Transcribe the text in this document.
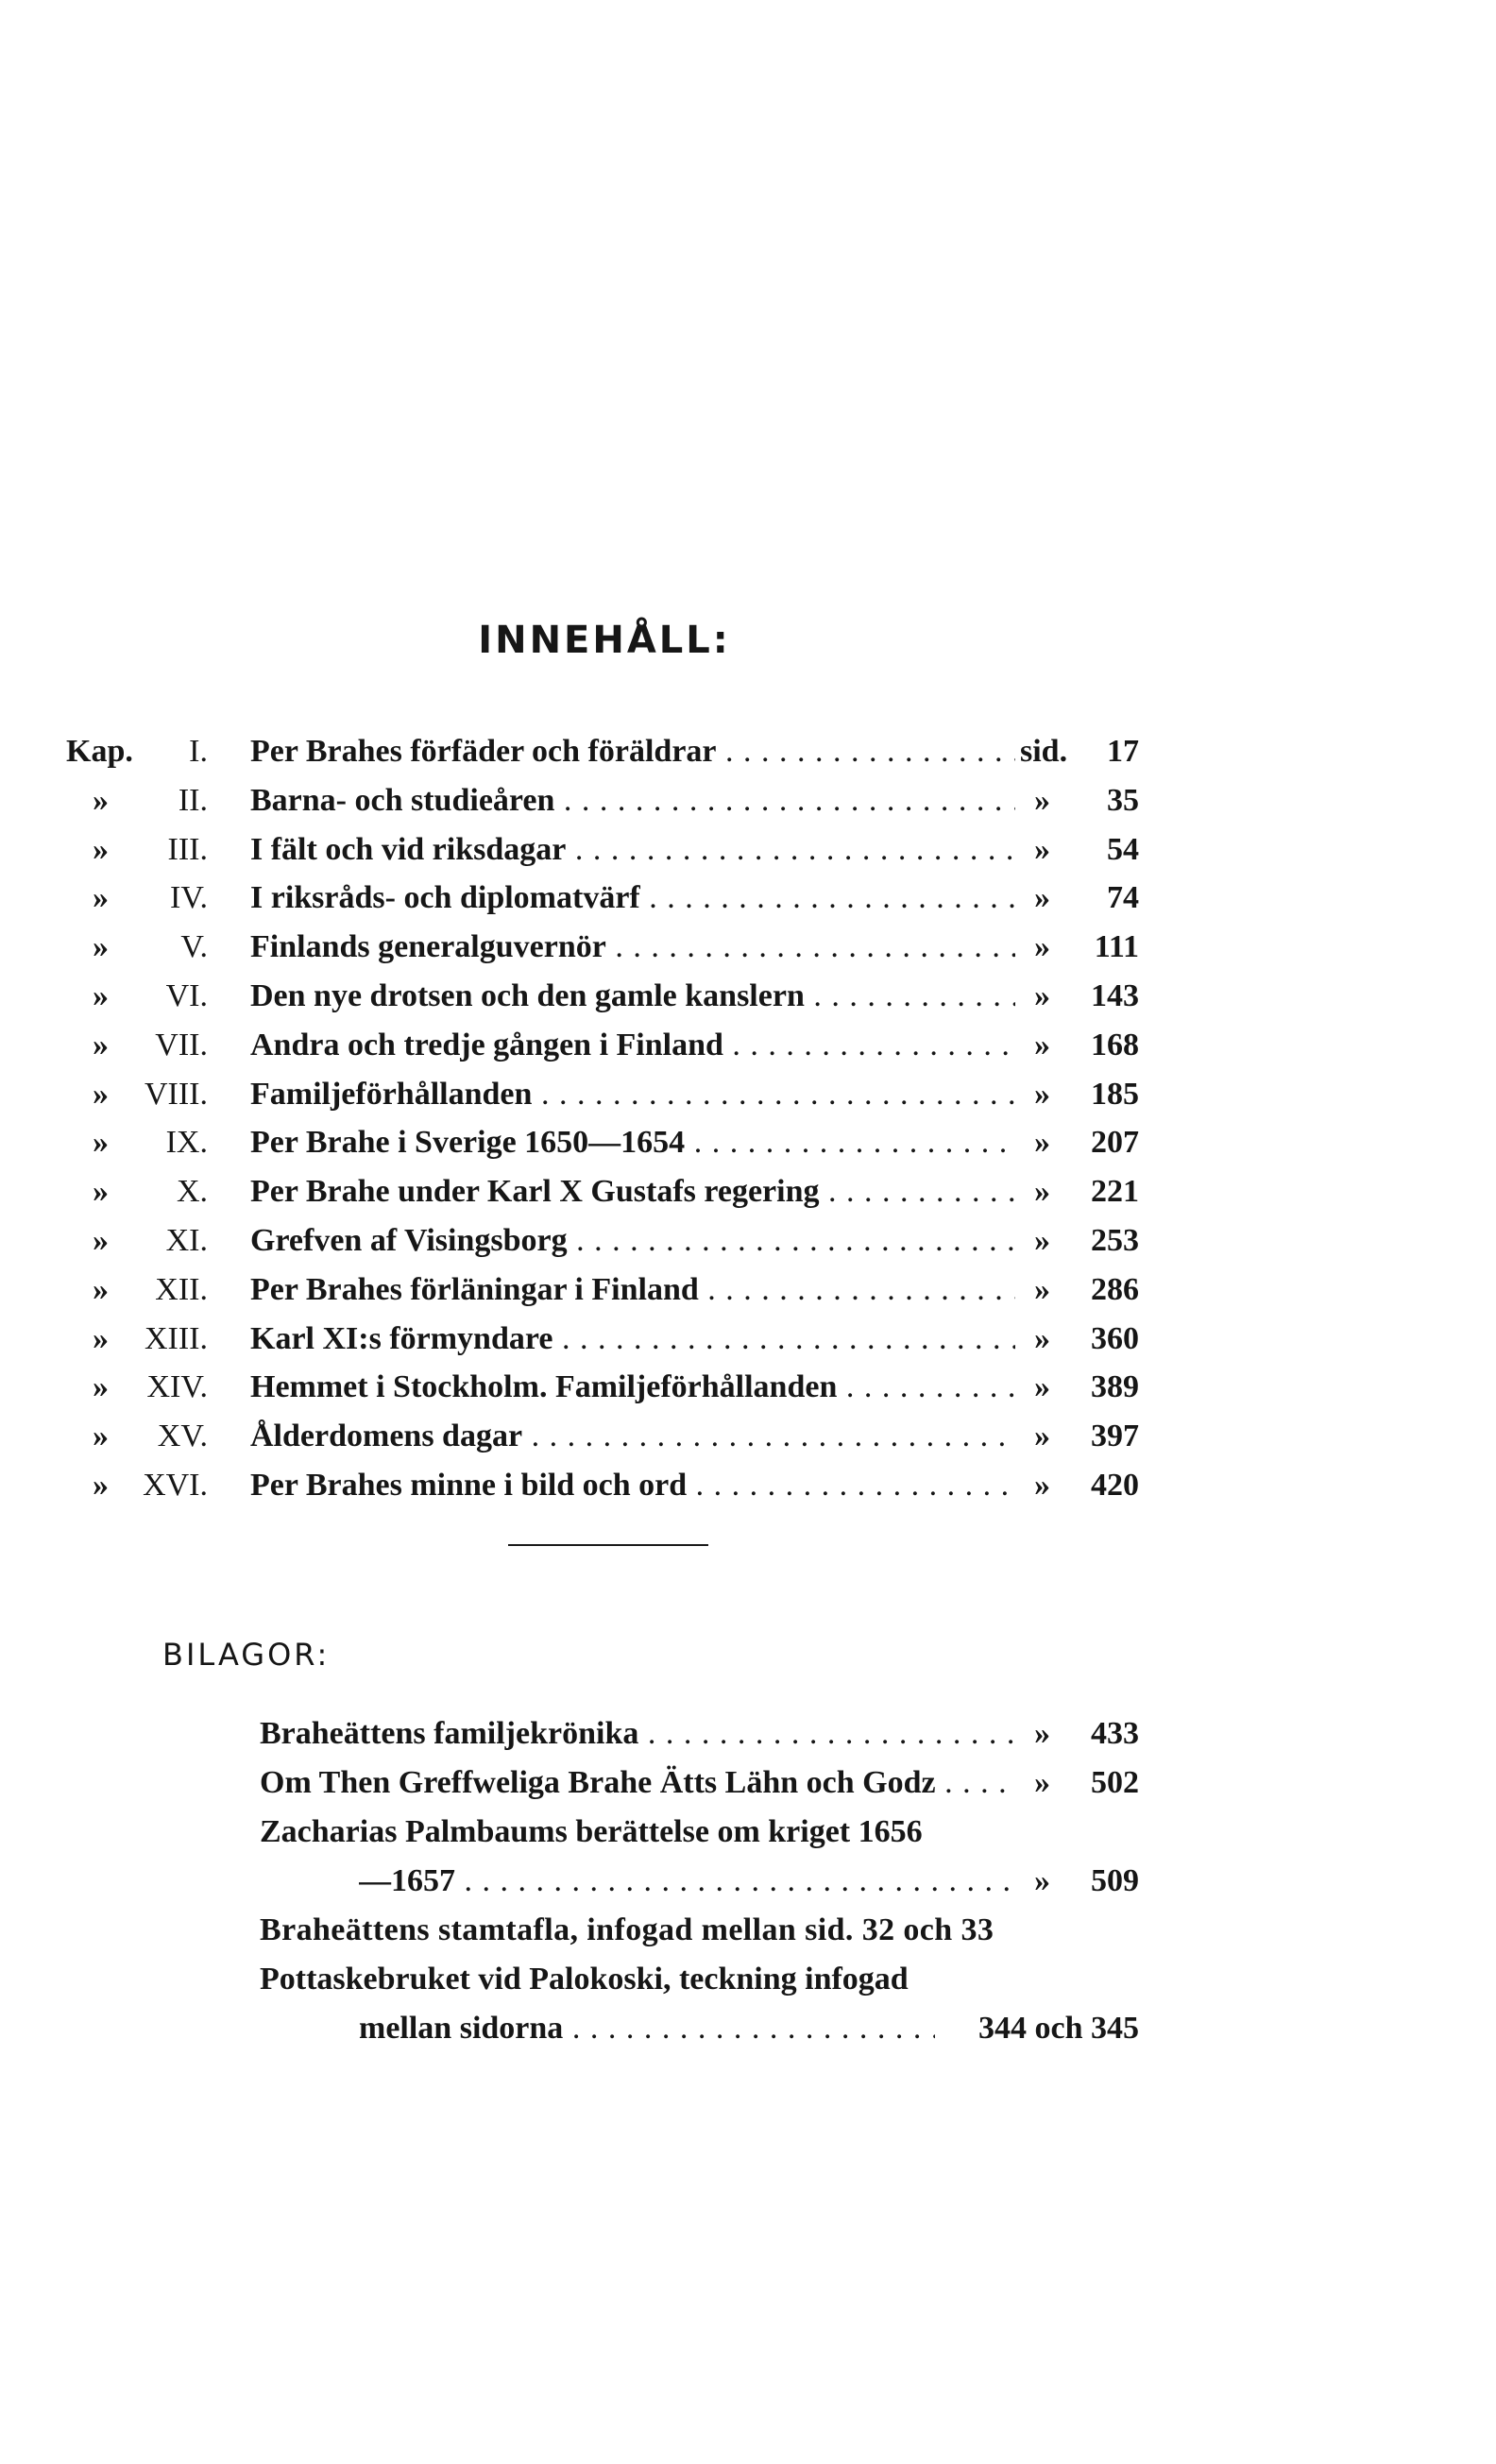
INNEHÅLL:
Kap.	I. Per Brahes förfäder och föräldrar . . .	sid.	17
»	II. Barna- och studieåren . . .	»	35
»	III. I fält och vid riksdagar . . .	»	54
»	IV. I riksråds- och diplomatvärf . . .	»	74
»	V. Finlands generalguvernör . . .	»	111
»	VI. Den nye drotsen och den gamle kanslern . . .	»	143
»	VII. Andra och tredje gången i Finland . . .	»	168
»	VIII. Familjeförhållanden . . .	»	185
»	IX. Per Brahe i Sverige 1650—1654 . . .	»	207
»	X. Per Brahe under Karl X Gustafs regering . . .	»	221
»	XI. Grefven af Visingsborg . . .	»	253
»	XII. Per Brahes förläningar i Finland . . .	»	286
»	XIII. Karl XI:s förmyndare . . .	»	360
»	XIV. Hemmet i Stockholm. Familjeförhållanden . . .	»	389
»	XV. Ålderdomens dagar . . .	»	397
»	XVI. Per Brahes minne i bild och ord . . .	»	420
BILAGOR:
Braheättens familjekrönika . . .	»	433
Om Then Greffweliga Brahe Ätts Lähn och Godz . . .	»	502
Zacharias Palmbaums berättelse om kriget 1656
—1657 . . .	»	509
Braheättens stamtafla, infogad mellan sid. 32 och 33
Pottaskebruket vid Palokoski, teckning infogad
mellan sidorna . . .	344 och 345
